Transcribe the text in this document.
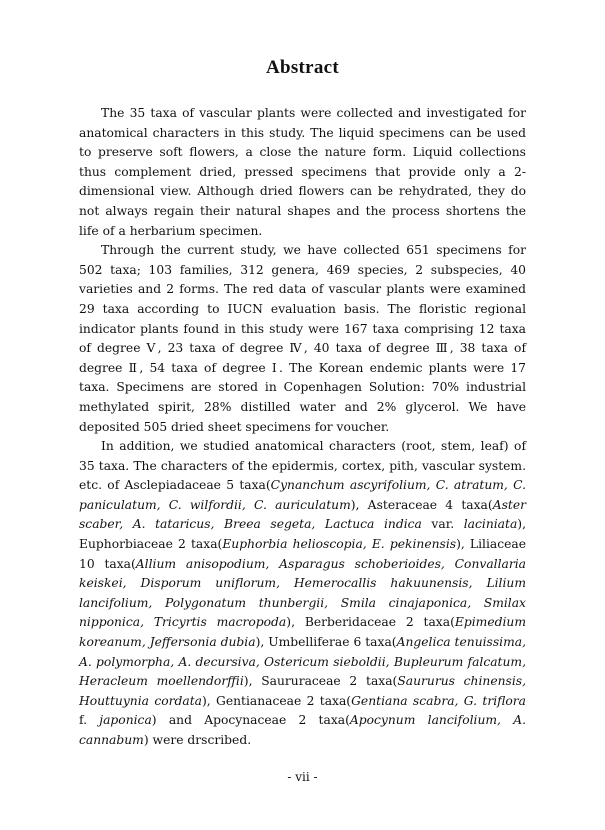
Abstract

The 35 taxa of vascular plants were collected and investigated for anatomical characters in this study. The liquid specimens can be used to preserve soft flowers, a close the nature form. Liquid collections thus complement dried, pressed specimens that provide only a 2-dimensional view. Although dried flowers can be rehydrated, they do not always regain their natural shapes and the process shortens the life of a herbarium specimen.

Through the current study, we have collected 651 specimens for 502 taxa; 103 families, 312 genera, 469 species, 2 subspecies, 40 varieties and 2 forms. The red data of vascular plants were examined 29 taxa according to IUCN evaluation basis. The floristic regional indicator plants found in this study were 167 taxa comprising 12 taxa of degree Ⅴ, 23 taxa of degree Ⅳ, 40 taxa of degree Ⅲ, 38 taxa of degree Ⅱ, 54 taxa of degree Ⅰ. The Korean endemic plants were 17 taxa. Specimens are stored in Copenhagen Solution: 70% industrial methylated spirit, 28% distilled water and 2% glycerol. We have deposited 505 dried sheet specimens for voucher.

In addition, we studied anatomical characters (root, stem, leaf) of 35 taxa. The characters of the epidermis, cortex, pith, vascular system. etc. of Asclepiadaceae 5 taxa(Cynanchum ascyrifolium, C. atratum, C. paniculatum, C. wilfordii, C. auriculatum), Asteraceae 4 taxa(Aster scaber, A. tataricus, Breea segeta, Lactuca indica var. laciniata), Euphorbiaceae 2 taxa(Euphorbia helioscopia, E. pekinensis), Liliaceae 10 taxa(Allium anisopodium, Asparagus schoberioides, Convallaria keiskei, Disporum uniflorum, Hemerocallis hakuunensis, Lilium lancifolium, Polygonatum thunbergii, Smila cinajaponica, Smilax nipponica, Tricyrtis macropoda), Berberidaceae 2 taxa(Epimedium koreanum, Jeffersonia dubia), Umbelliferae 6 taxa(Angelica tenuissima, A. polymorpha, A. decursiva, Ostericum sieboldii, Bupleurum falcatum, Heracleum moellendorffii), Saururaceae 2 taxa(Saururus chinensis, Houttuynia cordata), Gentianaceae 2 taxa(Gentiana scabra, G. triflora f. japonica) and Apocynaceae 2 taxa(Apocynum lancifolium, A. cannabum) were drscribed.

- vii -
